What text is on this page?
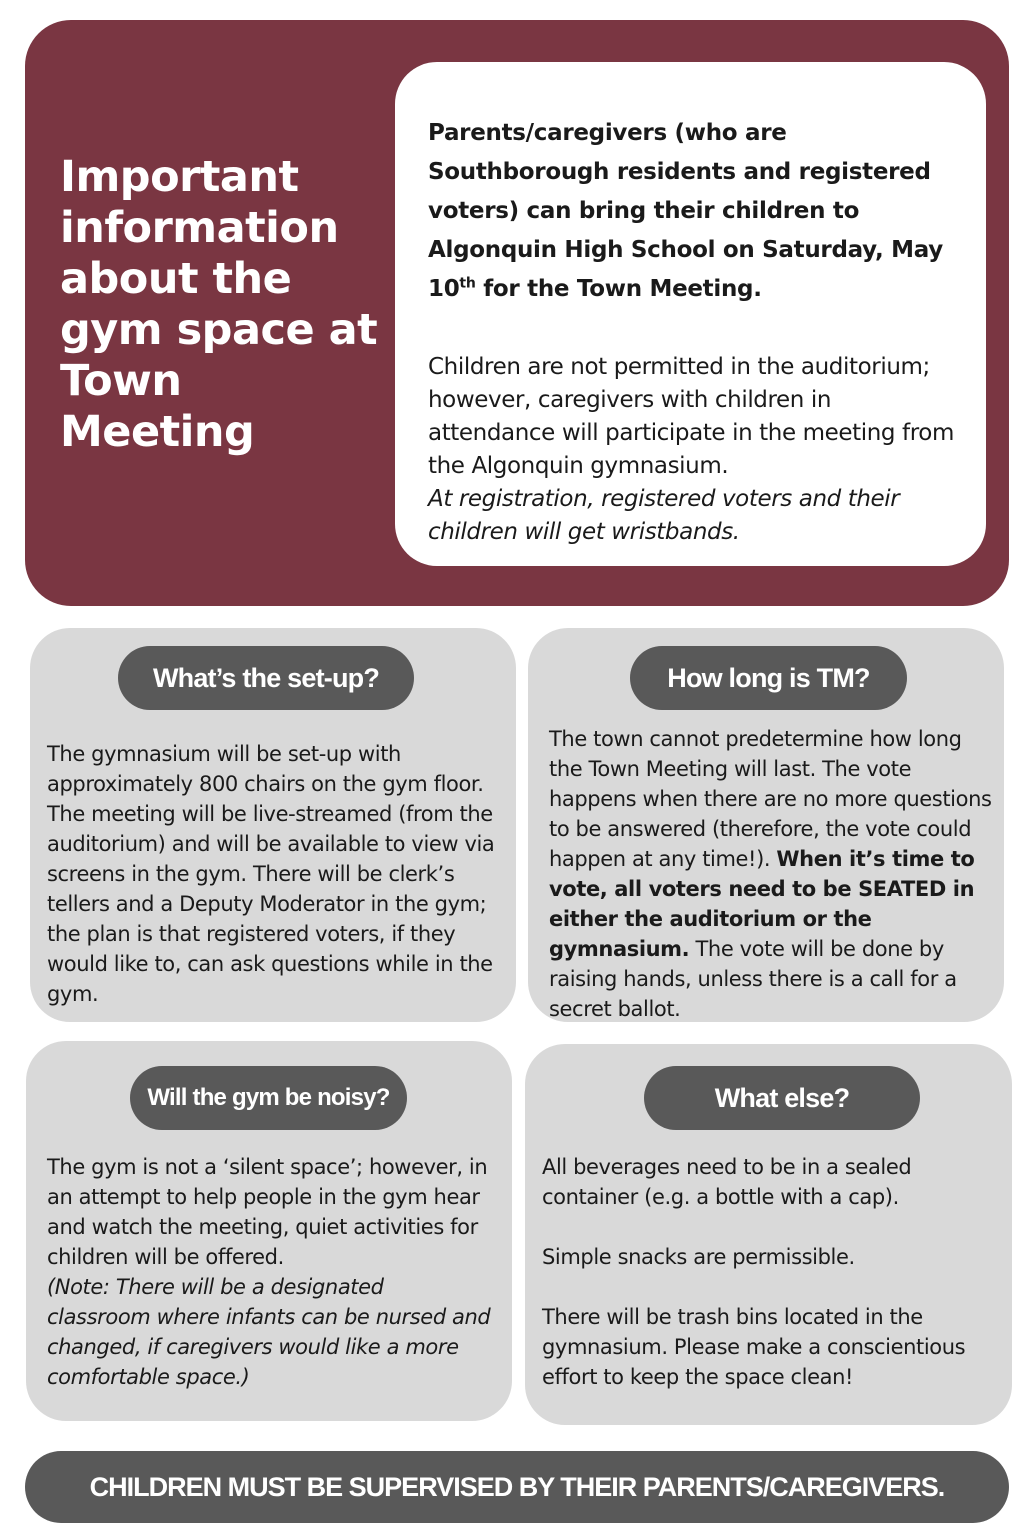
Important information about the gym space at Town Meeting

Parents/caregivers (who are Southborough residents and registered voters) can bring their children to Algonquin High School on Saturday, May 10th for the Town Meeting.

Children are not permitted in the auditorium; however, caregivers with children in attendance will participate in the meeting from the Algonquin gymnasium.
At registration, registered voters and their children will get wristbands.

What’s the set-up?

The gymnasium will be set-up with approximately 800 chairs on the gym floor. The meeting will be live-streamed (from the auditorium) and will be available to view via screens in the gym. There will be clerk’s tellers and a Deputy Moderator in the gym; the plan is that registered voters, if they would like to, can ask questions while in the gym.

How long is TM?

The town cannot predetermine how long the Town Meeting will last. The vote happens when there are no more questions to be answered (therefore, the vote could happen at any time!). When it’s time to vote, all voters need to be SEATED in either the auditorium or the gymnasium. The vote will be done by raising hands, unless there is a call for a secret ballot.

Will the gym be noisy?

The gym is not a ‘silent space’; however, in an attempt to help people in the gym hear and watch the meeting, quiet activities for children will be offered.

(Note: There will be a designated classroom where infants can be nursed and changed, if caregivers would like a more comfortable space.)

What else?

All beverages need to be in a sealed container (e.g. a bottle with a cap).

Simple snacks are permissible.

There will be trash bins located in the gymnasium. Please make a conscientious effort to keep the space clean!

CHILDREN MUST BE SUPERVISED BY THEIR PARENTS/CAREGIVERS.
